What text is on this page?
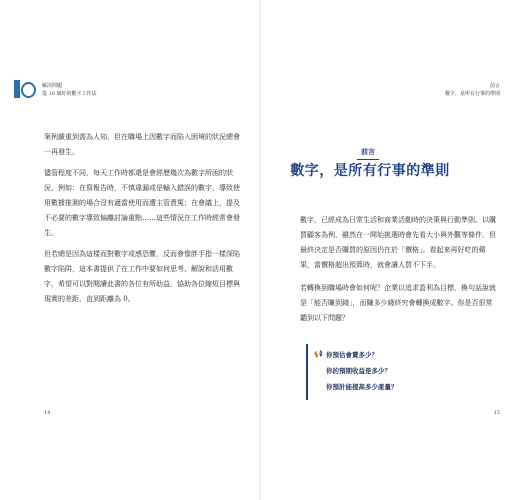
解決問題
從 10 個好的數字工作法

案例嚴重到需為人知，但在職場上因數字而陷入困境的狀況總會一再發生。

儘管程度不同，每天工作時都還是會經歷幾次為數字所困的狀況，例如：在寫報告時，不慎違漏或是輸入錯誤的數字，導致使用數據推測的場合沒有適當使用而遭主管責罵；在會議上，提及不必要的數字導致偏離討論重點……這些情況在工作時經常會發生。

但若總是因為這樣而對數字或感恐懼，反而會像胖手指一樣深陷數字陷阱，這本書提供了在工作中要如何思考、解說和活用數字，希望可以對閱讀此書的各位有所助益，協助各位縮短目標與現實的差距，直到距離為 0。

14
前言
數字，是所有行事的準則
前言
數字，是所有行事的準則

數字，已經成為日常生活和商業活動時的決策與行動準則。以購買顧客為例，雖然在一開始挑選時會先看大小與外觀等條件，但最終決定是否購買的原因仍在於「價格」。看起來再好吃的蘋果，當價格超出預算時，就會讓人買不下手。

若轉換到職場時會如何呢？企業以追求盈利為目標，換句話說就是「能否賺到錢」，而賺多少錢終究會轉換成數字。你是否很常聽到以下問題？

📢 你預估會賣多少？
你的預期收益是多少？
你預計能提高多少產量？
15
